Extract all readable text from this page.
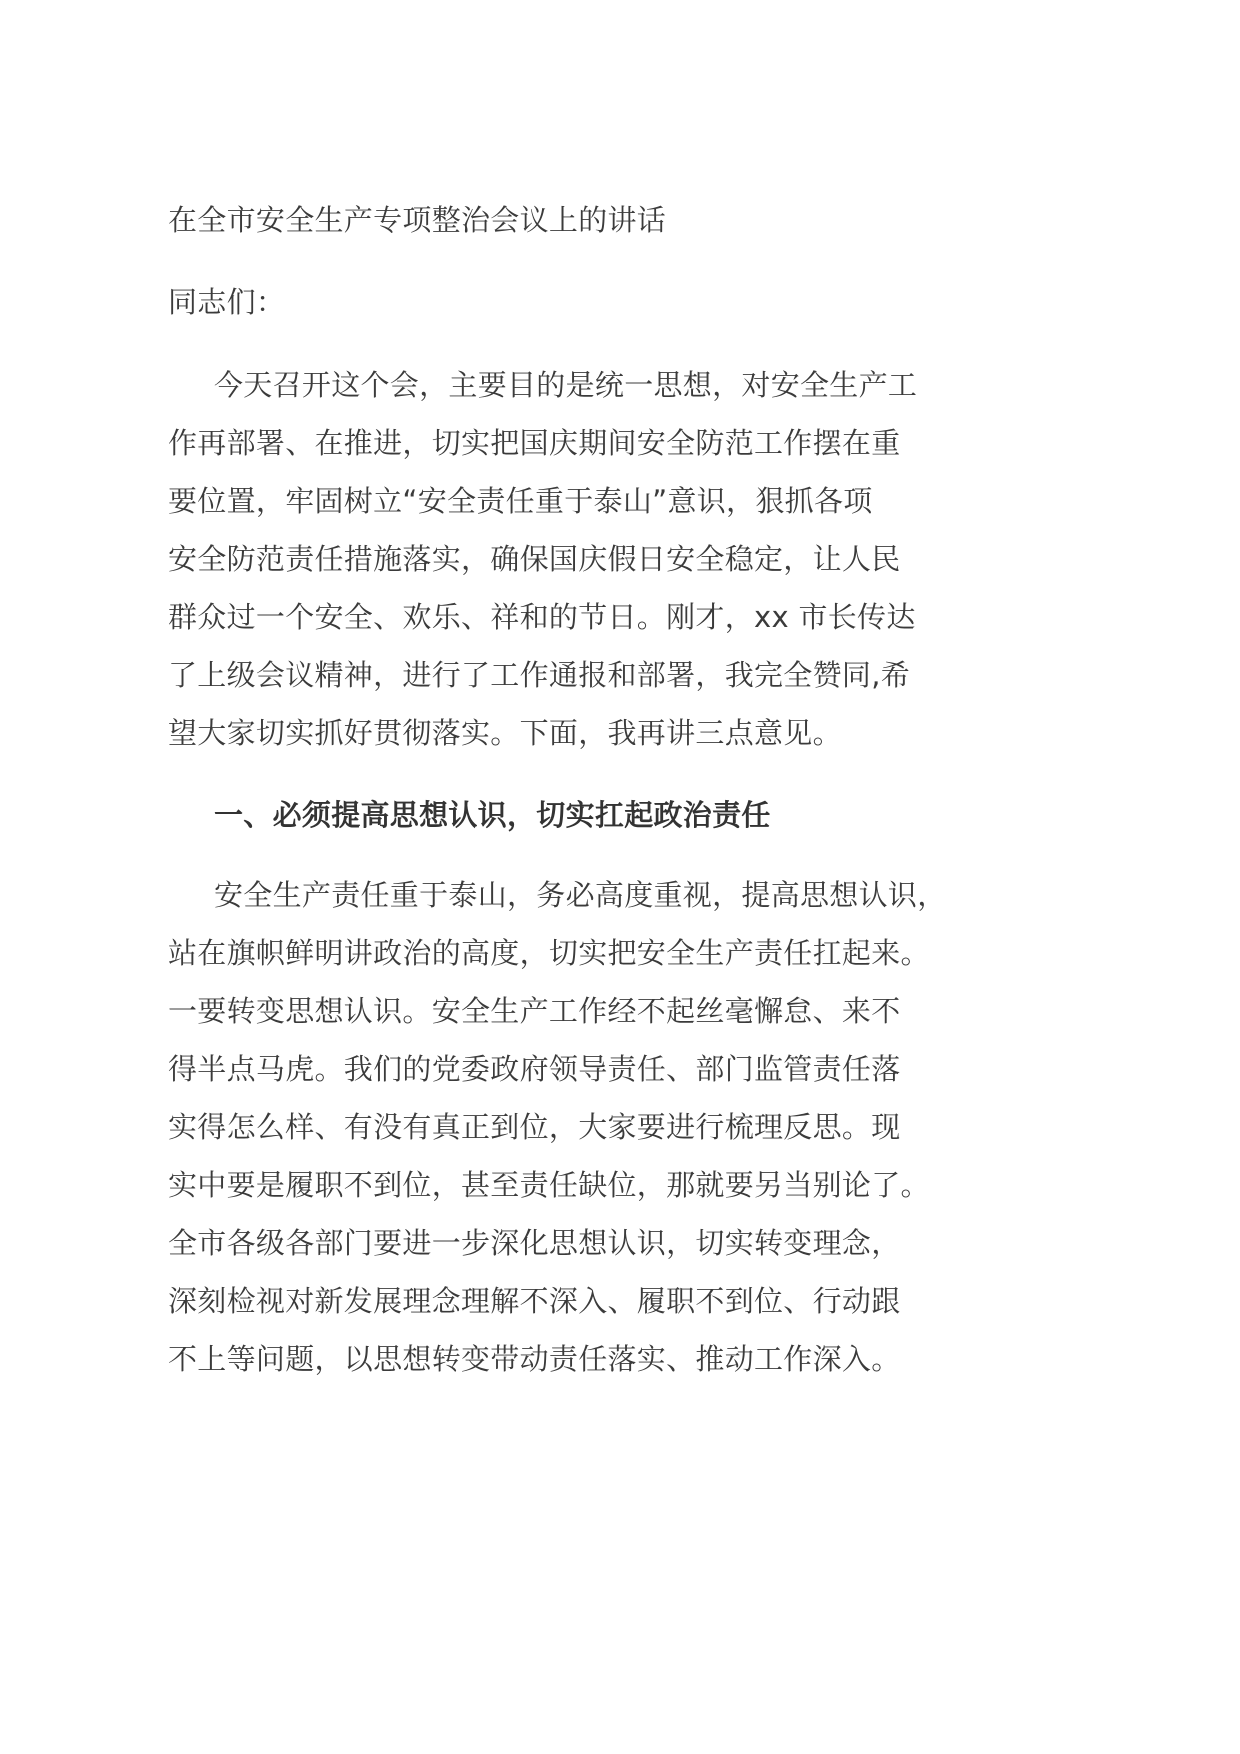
在全市安全生产专项整治会议上的讲话
同志们：
今天召开这个会，主要目的是统一思想，对安全生产工
作再部署、在推进，切实把国庆期间安全防范工作摆在重
要位置，牢固树立“安全责任重于泰山”意识，狠抓各项
安全防范责任措施落实，确保国庆假日安全稳定，让人民
群众过一个安全、欢乐、祥和的节日。刚才，xx 市长传达
了上级会议精神，进行了工作通报和部署，我完全赞同,希
望大家切实抓好贯彻落实。下面，我再讲三点意见。
一、必须提高思想认识，切实扛起政治责任
安全生产责任重于泰山，务必高度重视，提高思想认识，
站在旗帜鲜明讲政治的高度，切实把安全生产责任扛起来。
一要转变思想认识。安全生产工作经不起丝毫懈怠、来不
得半点马虎。我们的党委政府领导责任、部门监管责任落
实得怎么样、有没有真正到位，大家要进行梳理反思。现
实中要是履职不到位，甚至责任缺位，那就要另当别论了。
全市各级各部门要进一步深化思想认识，切实转变理念，
深刻检视对新发展理念理解不深入、履职不到位、行动跟
不上等问题，以思想转变带动责任落实、推动工作深入。
